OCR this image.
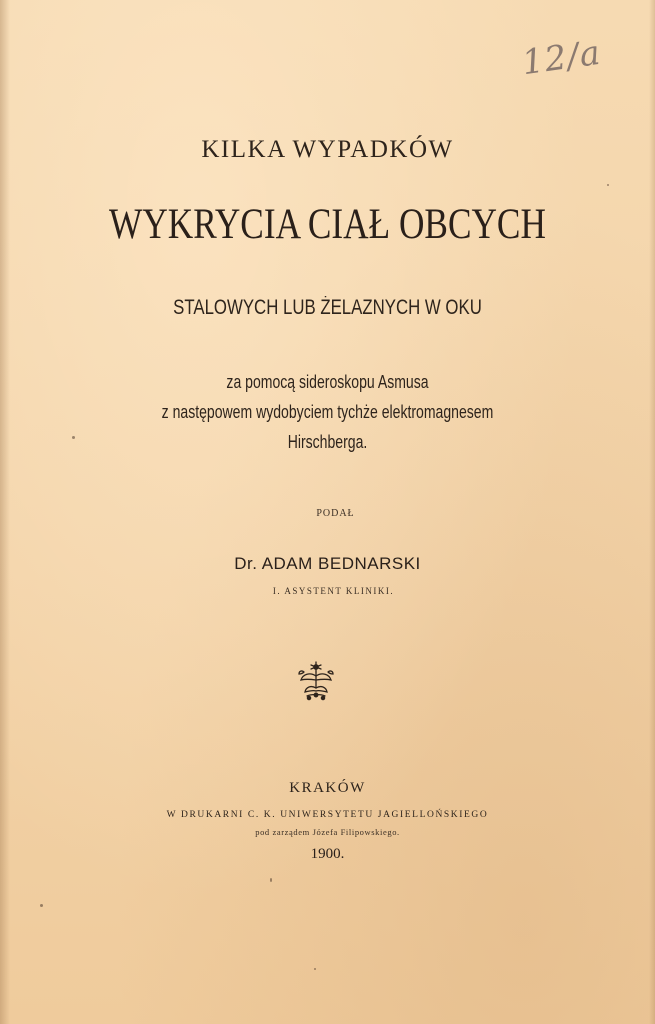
12/a
KILKA WYPADKÓW
WYKRYCIA CIAŁ OBCYCH
STALOWYCH LUB ŻELAZNYCH W OKU
za pomocą sideroskopu Asmusa
z następowem wydobyciem tychże elektromagnesem
Hirschberga.
PODAŁ
Dr. ADAM BEDNARSKI
I. ASYSTENT KLINIKI.
KRAKÓW
W DRUKARNI C. K. UNIWERSYTETU JAGIELLOŃSKIEGO
pod zarządem Józefa Filipowskiego.
1900.
